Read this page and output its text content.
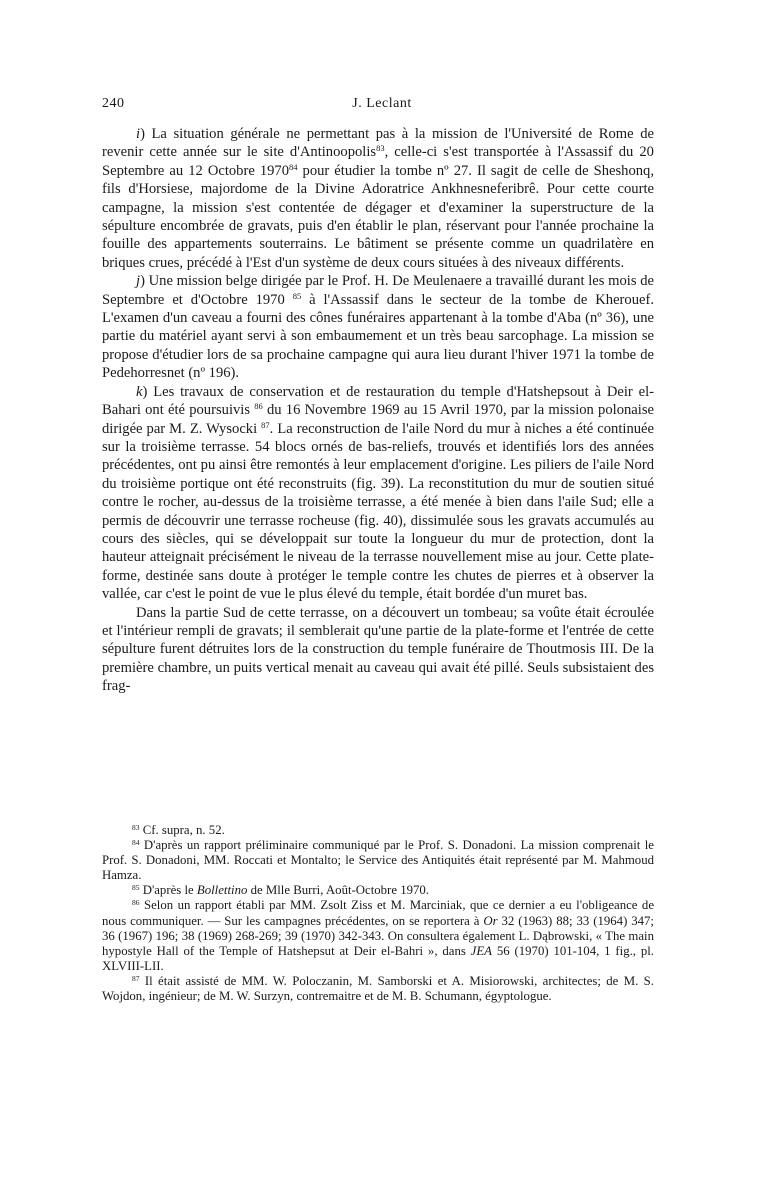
240	J. Leclant

i) La situation générale ne permettant pas à la mission de l'Université de Rome de revenir cette année sur le site d'Antinoopolis$^{83}$, celle-ci s'est transportée à l'Assassif du 20 Septembre au 12 Octobre 1970$^{84}$ pour étudier la tombe nº 27. Il sagit de celle de Sheshonq, fils d'Horsiese, majordome de la Divine Adoratrice Ankhnesneferibrê. Pour cette courte campagne, la mission s'est contentée de dégager et d'examiner la superstructure de la sépulture encombrée de gravats, puis d'en établir le plan, réservant pour l'année prochaine la fouille des appartements souterrains. Le bâtiment se présente comme un quadrilatère en briques crues, précédé à l'Est d'un système de deux cours situées à des niveaux différents.

j) Une mission belge dirigée par le Prof. H. De Meulenaere a travaillé durant les mois de Septembre et d'Octobre 1970 $^{85}$ à l'Assassif dans le secteur de la tombe de Kherouef. L'examen d'un caveau a fourni des cônes funéraires appartenant à la tombe d'Aba (nº 36), une partie du matériel ayant servi à son embaumement et un très beau sarcophage. La mission se propose d'étudier lors de sa prochaine campagne qui aura lieu durant l'hiver 1971 la tombe de Pedehorresnet (nº 196).

k) Les travaux de conservation et de restauration du temple d'Hatshepsout à Deir el-Bahari ont été poursuivis $^{86}$ du 16 Novembre 1969 au 15 Avril 1970, par la mission polonaise dirigée par M. Z. Wysocki $^{87}$. La reconstruction de l'aile Nord du mur à niches a été continuée sur la troisième terrasse. 54 blocs ornés de bas-reliefs, trouvés et identifiés lors des années précédentes, ont pu ainsi être remontés à leur emplacement d'origine. Les piliers de l'aile Nord du troisième portique ont été reconstruits (fig. 39). La reconstitution du mur de soutien situé contre le rocher, au-dessus de la troisième terrasse, a été menée à bien dans l'aile Sud; elle a permis de découvrir une terrasse rocheuse (fig. 40), dissimulée sous les gravats accumulés au cours des siècles, qui se développait sur toute la longueur du mur de protection, dont la hauteur atteignait précisément le niveau de la terrasse nouvellement mise au jour. Cette plate-forme, destinée sans doute à protéger le temple contre les chutes de pierres et à observer la vallée, car c'est le point de vue le plus élevé du temple, était bordée d'un muret bas.

Dans la partie Sud de cette terrasse, on a découvert un tombeau; sa voûte était écroulée et l'intérieur rempli de gravats; il semblerait qu'une partie de la plate-forme et l'entrée de cette sépulture furent détruites lors de la construction du temple funéraire de Thoutmosis III. De la première chambre, un puits vertical menait au caveau qui avait été pillé. Seuls subsistaient des frag-

$^{83}$ Cf. supra, n. 52.

$^{84}$ D'après un rapport préliminaire communiqué par le Prof. S. Donadoni. La mission comprenait le Prof. S. Donadoni, MM. Roccati et Montalto; le Service des Antiquités était représenté par M. Mahmoud Hamza.

$^{85}$ D'après le Bollettino de Mlle Burri, Août-Octobre 1970.

$^{86}$ Selon un rapport établi par MM. Zsolt Ziss et M. Marciniak, que ce dernier a eu l'obligeance de nous communiquer. — Sur les campagnes précédentes, on se reportera à Or 32 (1963) 88; 33 (1964) 347; 36 (1967) 196; 38 (1969) 268-269; 39 (1970) 342-343. On consultera également L. Dąbrowski, « The main hypostyle Hall of the Temple of Hatshepsut at Deir el-Bahri », dans JEA 56 (1970) 101-104, 1 fig., pl. XLVIII-LII.

$^{87}$ Il était assisté de MM. W. Poloczanin, M. Samborski et A. Misiorowski, architectes; de M. S. Wojdon, ingénieur; de M. W. Surzyn, contremaitre et de M. B. Schumann, égyptologue.
